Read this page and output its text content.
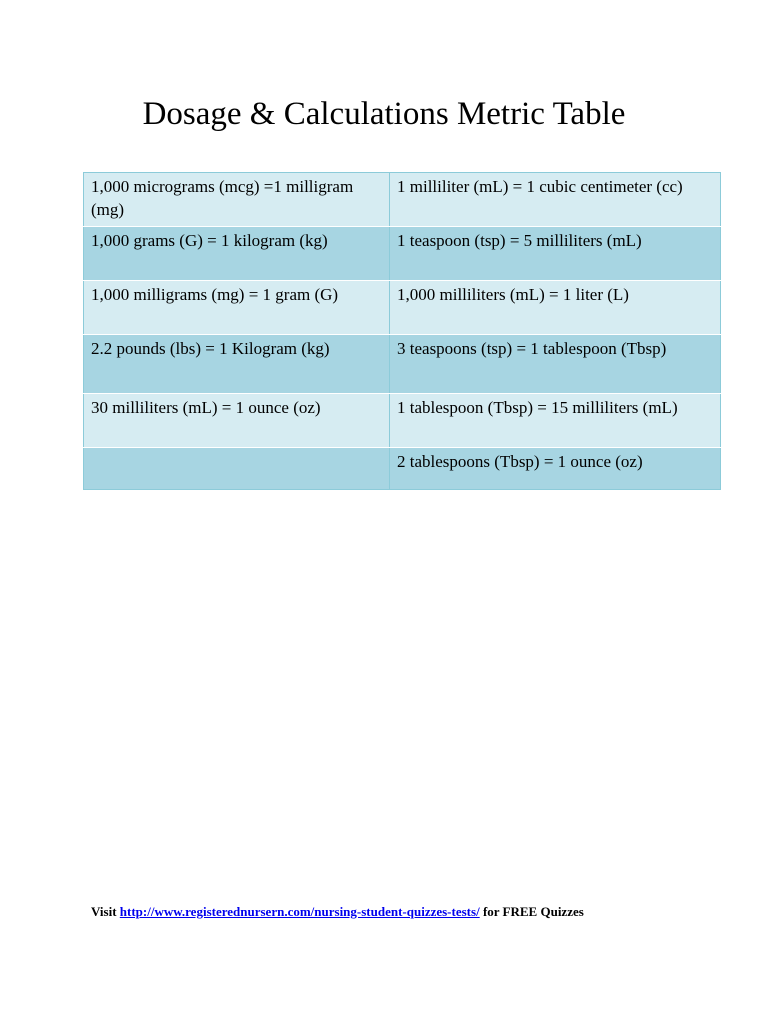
Dosage & Calculations Metric Table
1,000 micrograms (mcg) =1 milligram (mg)	1 milliliter (mL) = 1 cubic centimeter (cc)
1,000 grams (G) = 1 kilogram (kg)	1 teaspoon (tsp) = 5 milliliters (mL)
1,000 milligrams (mg) = 1 gram (G)	1,000 milliliters (mL) = 1 liter (L)
2.2 pounds (lbs) = 1 Kilogram (kg)	3 teaspoons (tsp) = 1 tablespoon (Tbsp)
30 milliliters (mL) = 1 ounce (oz)	1 tablespoon (Tbsp) = 15 milliliters (mL)
	2 tablespoons (Tbsp) = 1 ounce (oz)
Visit http://www.registerednursern.com/nursing-student-quizzes-tests/ for FREE Quizzes
